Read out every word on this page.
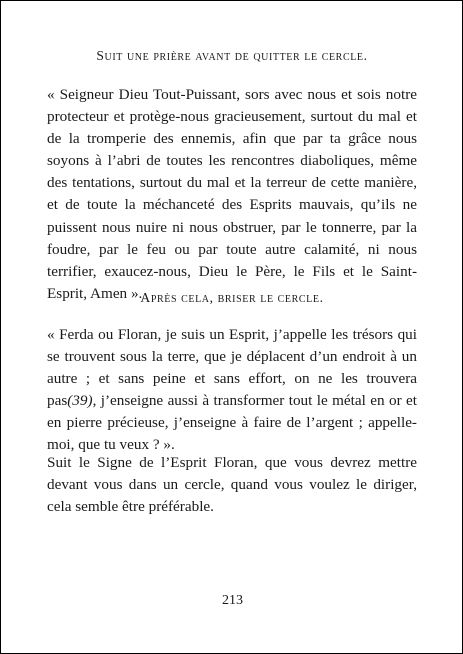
Suit une prière avant de quitter le cercle.
« Seigneur Dieu Tout-Puissant, sors avec nous et sois notre protecteur et protège-nous gracieusement, surtout du mal et de la tromperie des ennemis, afin que par ta grâce nous soyons à l’abri de toutes les rencontres diaboliques, même des tentations, surtout du mal et la terreur de cette manière, et de toute la méchanceté des Esprits mauvais, qu’ils ne puissent nous nuire ni nous obstruer, par le tonnerre, par la foudre, par le feu ou par toute autre calamité, ni nous terrifier, exaucez-nous, Dieu le Père, le Fils et le Saint-Esprit, Amen ».
Après cela, briser le cercle.
« Ferda ou Floran, je suis un Esprit, j’appelle les trésors qui se trouvent sous la terre, que je déplacent d’un endroit à un autre ; et sans peine et sans effort, on ne les trouvera pas(39), j’enseigne aussi à transformer tout le métal en or et en pierre précieuse, j’enseigne à faire de l’argent ; appelle-moi, que tu veux ? ».
Suit le Signe de l’Esprit Floran, que vous devrez mettre devant vous dans un cercle, quand vous voulez le diriger, cela semble être préférable.
213
